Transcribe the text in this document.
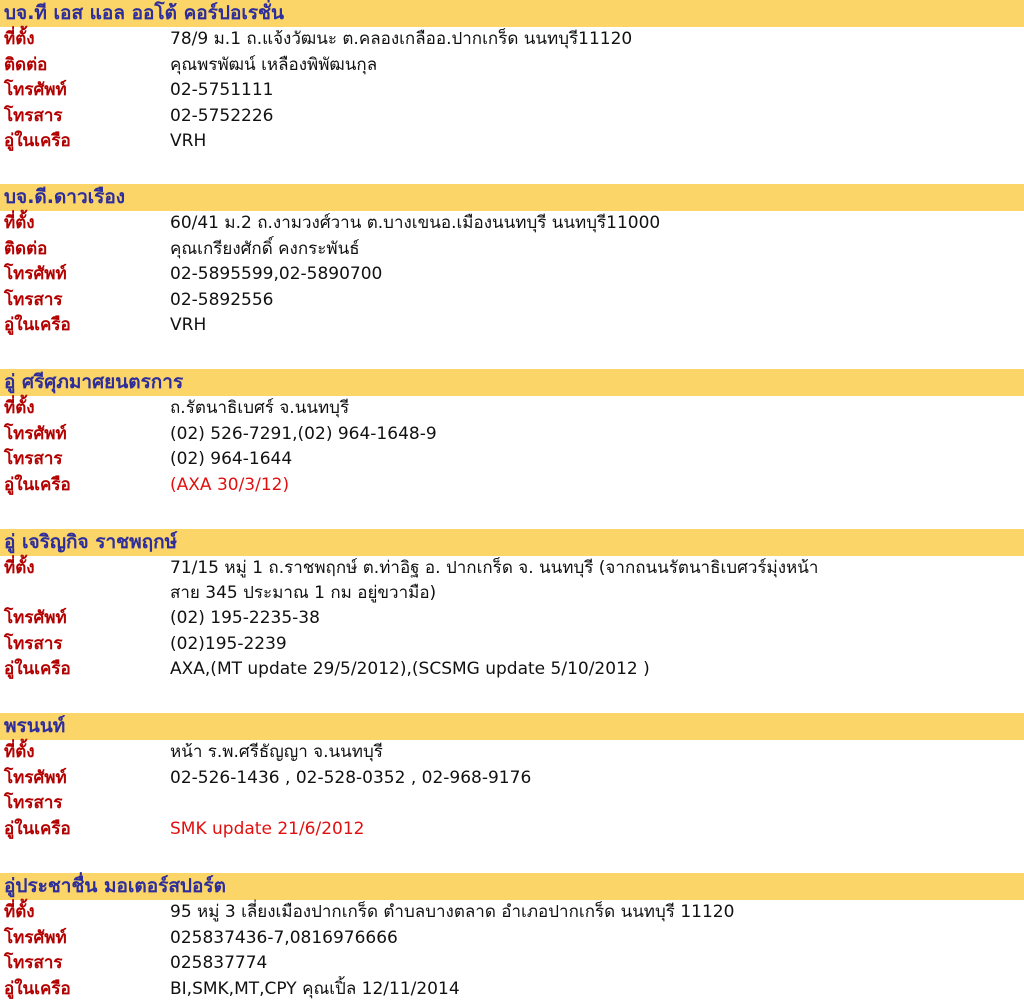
บจ.ที เอส แอล ออโต้ คอร์ปอเรชั่น
ที่ตั้ง	78/9 ม.1 ถ.แจ้งวัฒนะ ต.คลองเกลืออ.ปากเกร็ด นนทบุรี11120
ติดต่อ	คุณพรพัฒน์ เหลืองพิพัฒนกุล
โทรศัพท์	02-5751111
โทรสาร	02-5752226
อู่ในเครือ	VRH
บจ.ดี.ดาวเรือง
ที่ตั้ง	60/41 ม.2 ถ.งามวงศ์วาน ต.บางเขนอ.เมืองนนทบุรี นนทบุรี11000
ติดต่อ	คุณเกรียงศักดิ์ คงกระพันธ์
โทรศัพท์	02-5895599,02-5890700
โทรสาร	02-5892556
อู่ในเครือ	VRH
อู่ ศรีศุภมาศยนตรการ
ที่ตั้ง	ถ.รัตนาธิเบศร์ จ.นนทบุรี
โทรศัพท์	(02) 526-7291,(02) 964-1648-9
โทรสาร	(02) 964-1644
อู่ในเครือ	(AXA 30/3/12)
อู่ เจริญกิจ ราชพฤกษ์
ที่ตั้ง	71/15 หมู่ 1 ถ.ราชพฤกษ์ ต.ท่าอิฐ อ. ปากเกร็ด จ. นนทบุรี (จากถนนรัตนาธิเบศวร์มุ่งหน้า
สาย 345 ประมาณ 1 กม อยู่ขวามือ)
โทรศัพท์	(02) 195-2235-38
โทรสาร	(02)195-2239
อู่ในเครือ	AXA,(MT update 29/5/2012),(SCSMG update 5/10/2012 )
พรนนท์
ที่ตั้ง	หน้า ร.พ.ศรีธัญญา จ.นนทบุรี
โทรศัพท์	02-526-1436 , 02-528-0352 , 02-968-9176
โทรสาร
อู่ในเครือ	SMK update 21/6/2012
อู่ประชาชื่น มอเตอร์สปอร์ต
ที่ตั้ง	95 หมู่ 3 เลี่ยงเมืองปากเกร็ด ตำบลบางตลาด อำเภอปากเกร็ด นนทบุรี 11120
โทรศัพท์	025837436-7,0816976666
โทรสาร	025837774
อู่ในเครือ	BI,SMK,MT,CPY คุณเปิ้ล 12/11/2014
